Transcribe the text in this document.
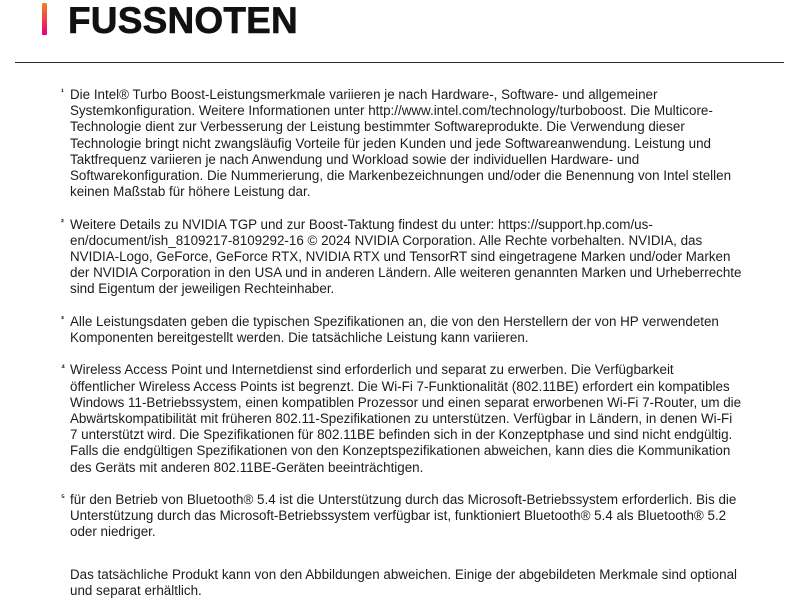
FUSSNOTEN
¹ Die Intel® Turbo Boost-Leistungsmerkmale variieren je nach Hardware-, Software- und allgemeiner Systemkonfiguration. Weitere Informationen unter http://www.intel.com/technology/turboboost. Die Multicore-Technologie dient zur Verbesserung der Leistung bestimmter Softwareprodukte. Die Verwendung dieser Technologie bringt nicht zwangsläufig Vorteile für jeden Kunden und jede Softwareanwendung. Leistung und Taktfrequenz variieren je nach Anwendung und Workload sowie der individuellen Hardware- und Softwarekonfiguration. Die Nummerierung, die Markenbezeichnungen und/oder die Benennung von Intel stellen keinen Maßstab für höhere Leistung dar.
² Weitere Details zu NVIDIA TGP und zur Boost-Taktung findest du unter: https://support.hp.com/us-en/document/ish_8109217-8109292-16 © 2024 NVIDIA Corporation. Alle Rechte vorbehalten. NVIDIA, das NVIDIA-Logo, GeForce, GeForce RTX, NVIDIA RTX und TensorRT sind eingetragene Marken und/oder Marken der NVIDIA Corporation in den USA und in anderen Ländern. Alle weiteren genannten Marken und Urheberrechte sind Eigentum der jeweiligen Rechteinhaber.
³ Alle Leistungsdaten geben die typischen Spezifikationen an, die von den Herstellern der von HP verwendeten Komponenten bereitgestellt werden. Die tatsächliche Leistung kann variieren.
⁴ Wireless Access Point und Internetdienst sind erforderlich und separat zu erwerben. Die Verfügbarkeit öffentlicher Wireless Access Points ist begrenzt. Die Wi-Fi 7-Funktionalität (802.11BE) erfordert ein kompatibles Windows 11-Betriebssystem, einen kompatiblen Prozessor und einen separat erworbenen Wi-Fi 7-Router, um die Abwärtskompatibilität mit früheren 802.11-Spezifikationen zu unterstützen. Verfügbar in Ländern, in denen Wi-Fi 7 unterstützt wird. Die Spezifikationen für 802.11BE befinden sich in der Konzeptphase und sind nicht endgültig. Falls die endgültigen Spezifikationen von den Konzeptspezifikationen abweichen, kann dies die Kommunikation des Geräts mit anderen 802.11BE-Geräten beeinträchtigen.
⁵ für den Betrieb von Bluetooth® 5.4 ist die Unterstützung durch das Microsoft-Betriebssystem erforderlich. Bis die Unterstützung durch das Microsoft-Betriebssystem verfügbar ist, funktioniert Bluetooth® 5.4 als Bluetooth® 5.2 oder niedriger.

Das tatsächliche Produkt kann von den Abbildungen abweichen. Einige der abgebildeten Merkmale sind optional und separat erhältlich.
